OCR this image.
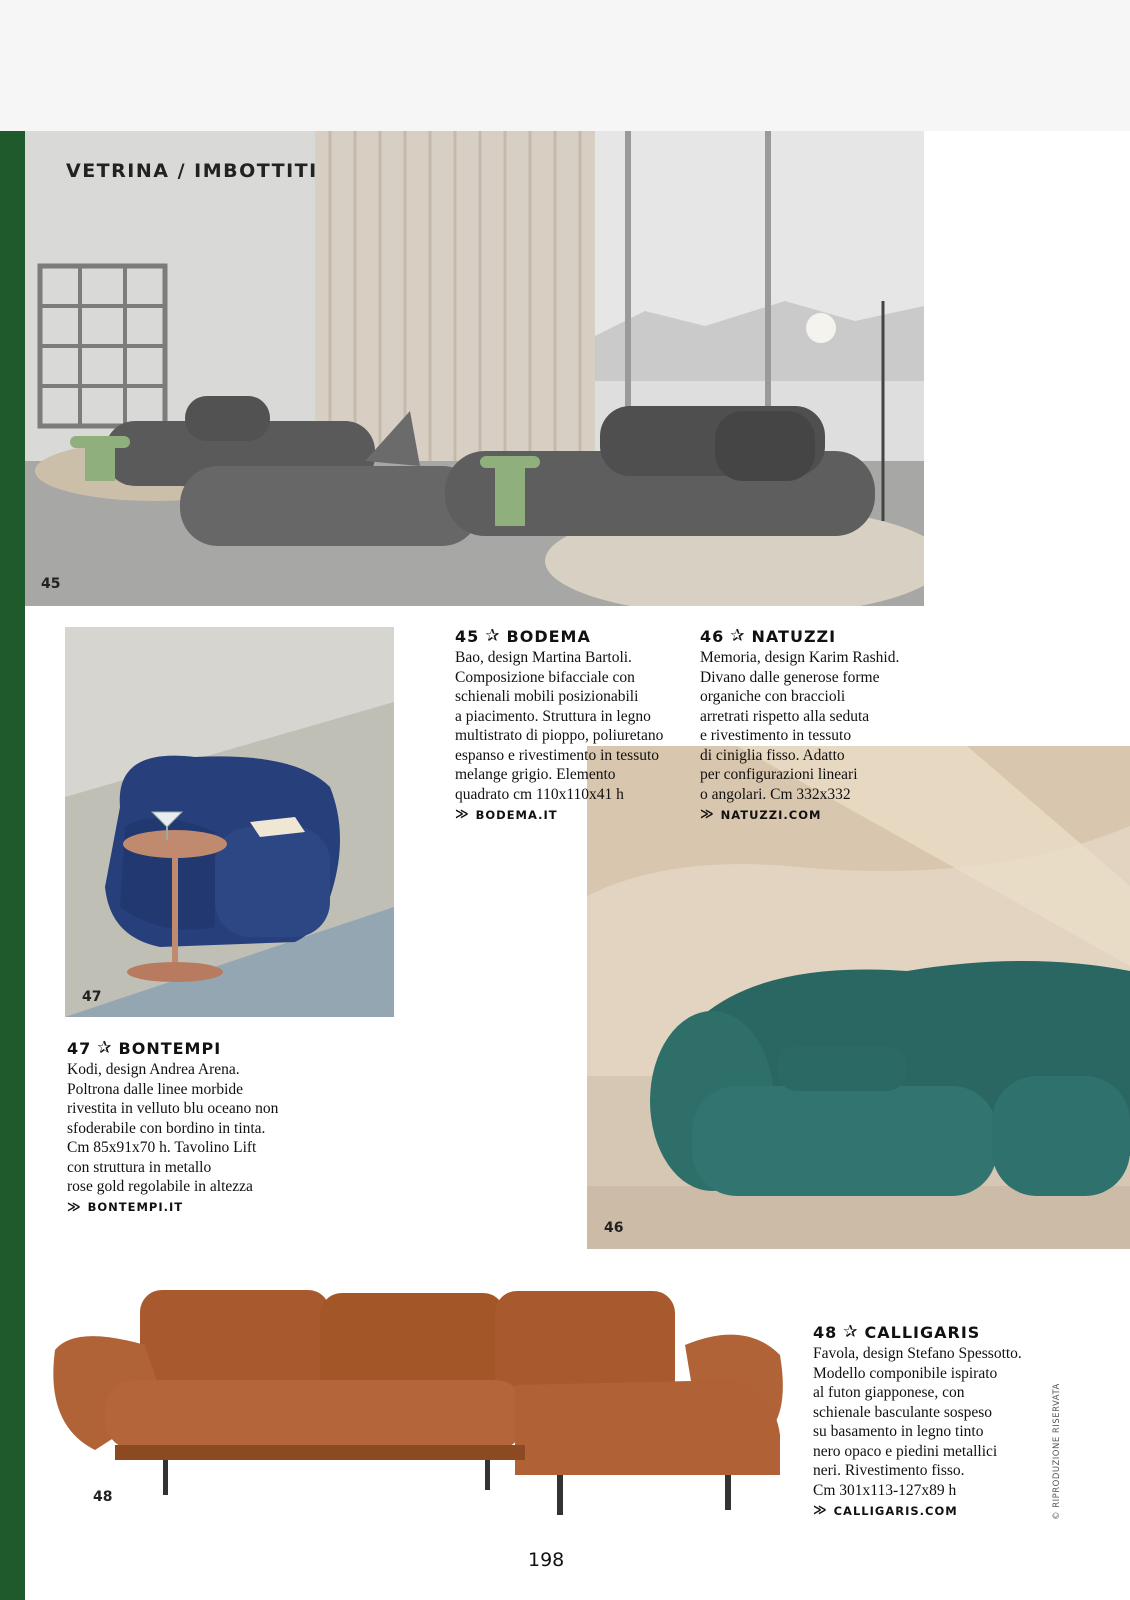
VETRINA / IMBOTTITI
45
47
46
48
45 ✰ BODEMA
Bao, design Martina Bartoli.
Composizione bifacciale con
schienali mobili posizionabili
a piacimento. Struttura in legno
multistrato di pioppo, poliuretano
espanso e rivestimento in tessuto
melange grigio. Elemento
quadrato cm 110x110x41 h
≫ BODEMA.IT
46 ✰ NATUZZI
Memoria, design Karim Rashid.
Divano dalle generose forme
organiche con braccioli
arretrati rispetto alla seduta
e rivestimento in tessuto
di ciniglia fisso. Adatto
per configurazioni lineari
o angolari. Cm 332x332
≫ NATUZZI.COM
47 ✰ BONTEMPI
Kodi, design Andrea Arena.
Poltrona dalle linee morbide
rivestita in velluto blu oceano non
sfoderabile con bordino in tinta.
Cm 85x91x70 h. Tavolino Lift
con struttura in metallo
rose gold regolabile in altezza
≫ BONTEMPI.IT
48 ✰ CALLIGARIS
Favola, design Stefano Spessotto.
Modello componibile ispirato
al futon giapponese, con
schienale basculante sospeso
su basamento in legno tinto
nero opaco e piedini metallici
neri. Rivestimento fisso.
Cm 301x113-127x89 h
≫ CALLIGARIS.COM	© RIPRODUZIONE RISERVATA
198
